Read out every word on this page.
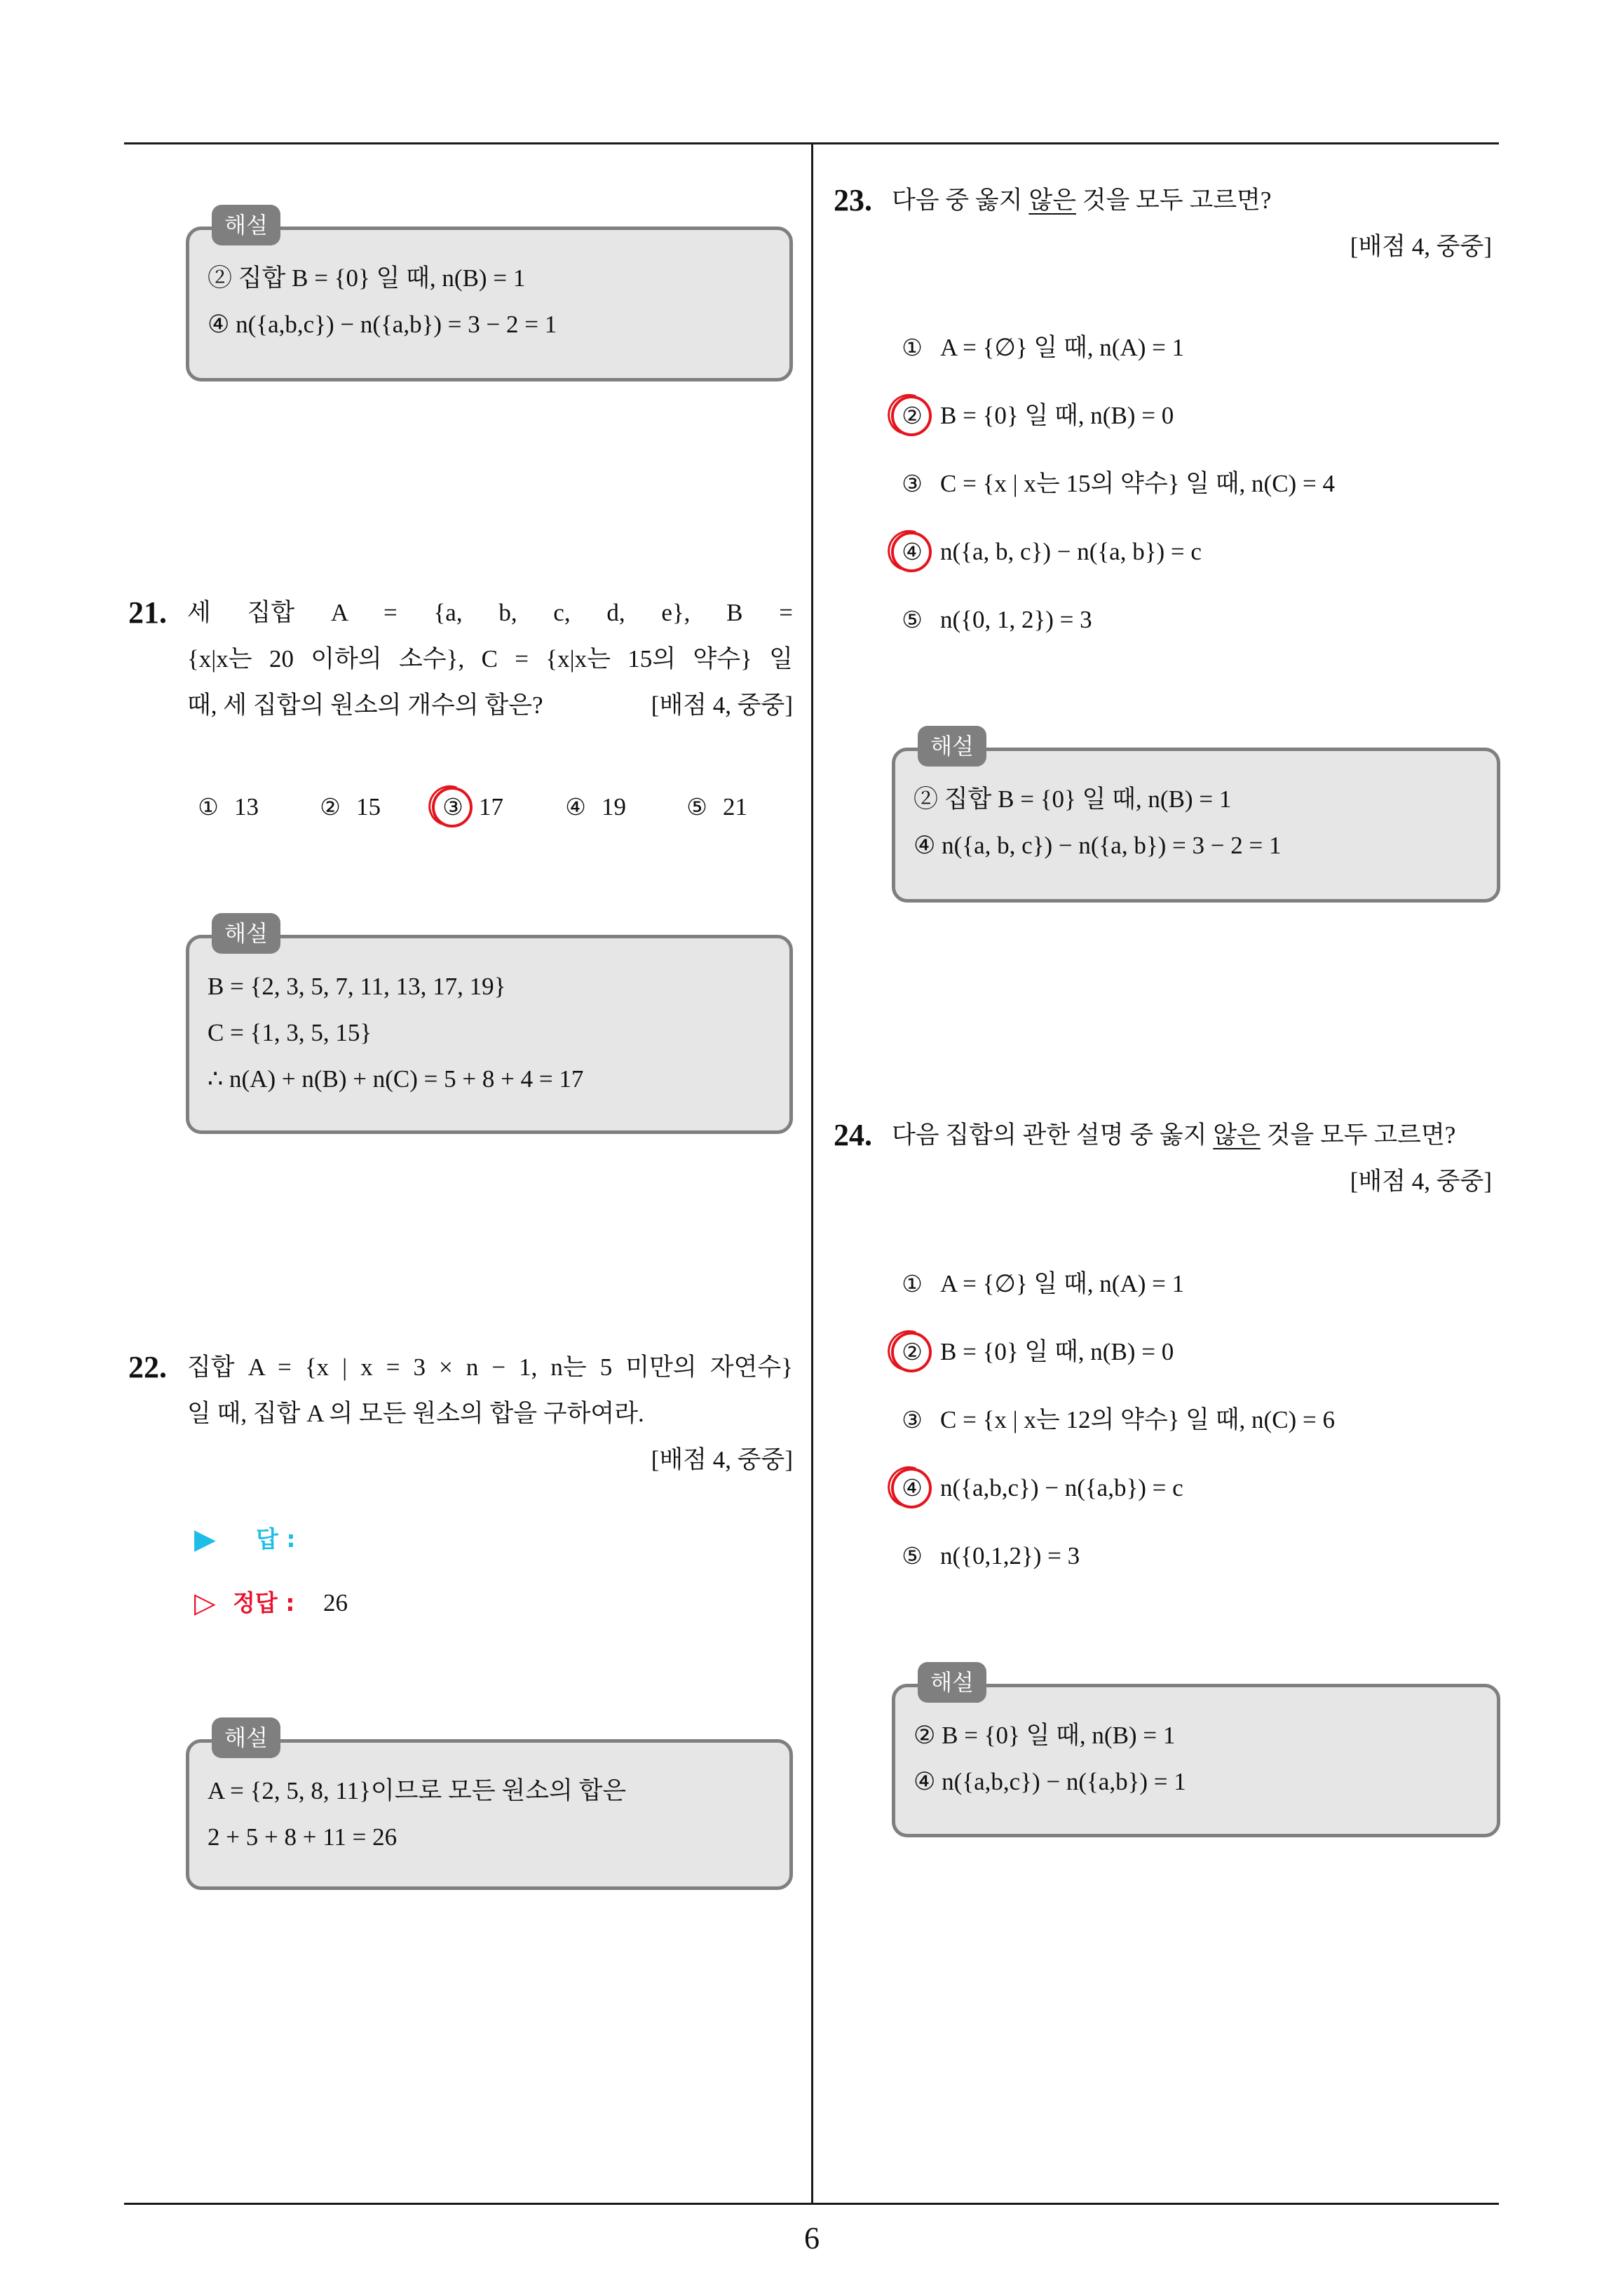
해설
② 집합 B = {0} 일 때, n(B) = 1
④ n({a,b,c}) − n({a,b}) = 3 − 2 = 1
21. 세 집합 A = {a, b, c, d, e}, B =
{x|x는 20 이하의 소수}, C = {x|x는 15의 약수} 일
때, 세 집합의 원소의 개수의 합은?	[배점 4, 중중]
① 13	② 15	③ 17	④ 19	⑤ 21
해설
B = {2, 3, 5, 7, 11, 13, 17, 19}
C = {1, 3, 5, 15}
∴ n(A) + n(B) + n(C) = 5 + 8 + 4 = 17
22. 집합 A = {x | x = 3 × n − 1, n는 5 미만의 자연수}
일 때, 집합 A 의 모든 원소의 합을 구하여라.
[배점 4, 중중]
▶ 답 :
▷ 정답 : 26
해설
A = {2, 5, 8, 11}이므로 모든 원소의 합은
2 + 5 + 8 + 11 = 26
23. 다음 중 옳지 않은 것을 모두 고르면?
[배점 4, 중중]
① A = {∅} 일 때, n(A) = 1
② B = {0} 일 때, n(B) = 0
③ C = {x | x는 15의 약수} 일 때, n(C) = 4
④ n({a, b, c}) − n({a, b}) = c
⑤ n({0, 1, 2}) = 3
해설
② 집합 B = {0} 일 때, n(B) = 1
④ n({a, b, c}) − n({a, b}) = 3 − 2 = 1
24. 다음 집합의 관한 설명 중 옳지 않은 것을 모두 고르면?
[배점 4, 중중]
① A = {∅} 일 때, n(A) = 1
② B = {0} 일 때, n(B) = 0
③ C = {x | x는 12의 약수} 일 때, n(C) = 6
④ n({a,b,c}) − n({a,b}) = c
⑤ n({0,1,2}) = 3
해설
② B = {0} 일 때, n(B) = 1
④ n({a,b,c}) − n({a,b}) = 1
6
